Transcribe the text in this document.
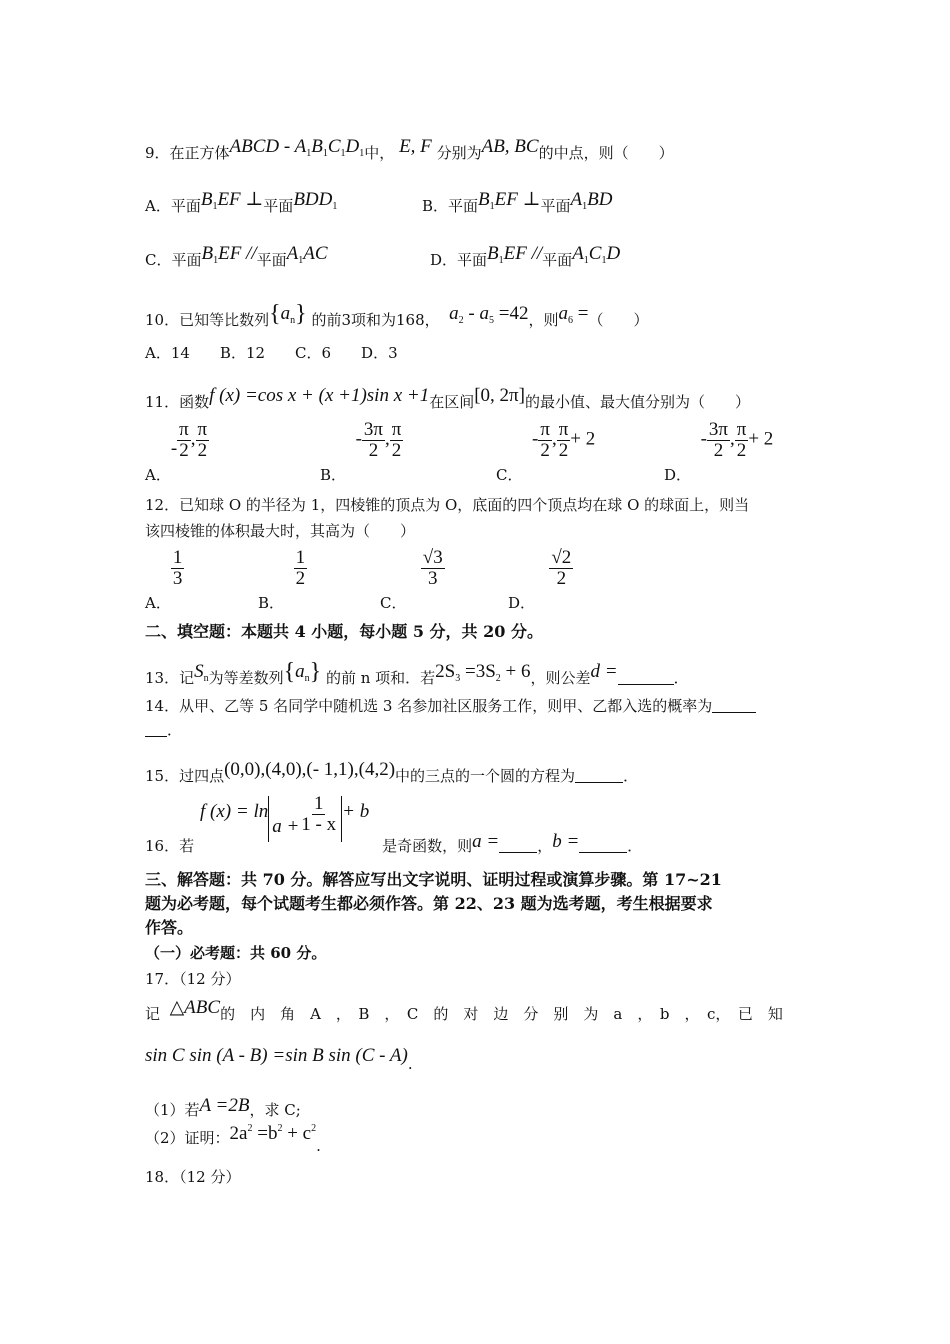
9．在正方体ABCD - $A_1B_1C_1D_1$中， E, F 分别为AB, BC的中点，则（　　）
A．平面$B_1EF$ ⊥平面$BDD_1$	B．平面$B_1EF$ ⊥平面$A_1BD$
C．平面$B_1EF$ //平面$A_1AC$	D．平面$B_1EF$ //平面$A_1C_1D$
10．已知等比数列$\{a_n\}$ 的前3项和为168， $a_2 - a_5 =42$，则$a_6$ =（　　）
A．14　　B．12　　C．6　　D．3
11．函数f (x) =cos x + (x +1)sin x +1在区间[0, 2π]的最小值、最大值分别为（　　）
A．- $\frac{\pi}{2}$ , $\frac{\pi}{2}$
B．  - $\frac{3\pi}{2}$ , $\frac{\pi}{2}$
C．  - $\frac{\pi}{2}$ , $\frac{\pi}{2} + 2$
D．  - $\frac{3\pi}{2}$ , $\frac{\pi}{2} + 2$
12．已知球 O 的半径为 1，四棱锥的顶点为 O，底面的四个顶点均在球 O 的球面上，则当
该四棱锥的体积最大时，其高为（　　）
A．
$\frac{1}{3}$
B．
$\frac{1}{2}$
C．
$\frac{√3}{3}$
D．
$\frac{√2}{2}$
二、填空题：本题共 4 小题，每小题 5 分，共 20 分。
13．记$S_n$为等差数列$\{a_n\}$ 的前 n 项和．若$2S_3 =3S_2 + 6$，则公差d =	．
14．从甲、乙等 5 名同学中随机选 3 名参加社区服务工作，则甲、乙都入选的概率为
．
15．过四点(0,0),(4,0),(- 1,1),(4,2)中的三点的一个圆的方程为	．
f $(x) = \ln a + \frac{1}{1 - x} + b$
16．若	是奇函数，则a =	，b =	．
三、解答题：共 70 分。解答应写出文字说明、证明过程或演算步骤。第 17~21
题为必考题，每个试题考生都必须作答。第 22、23 题为选考题，考生根据要求
作答。
（一）必考题：共 60 分。
17．（12 分）
记 △ABC的　内　角　A　，　B　，　C　的　对　边　分　别　为　a　，　b　，　c，　已　知
sin C sin (A - B) =sin B sin (C - A).
（1）若A =2B，求 C;
（2）证明：$2a^2 =b^2 + c^2$.
18．（12 分）
